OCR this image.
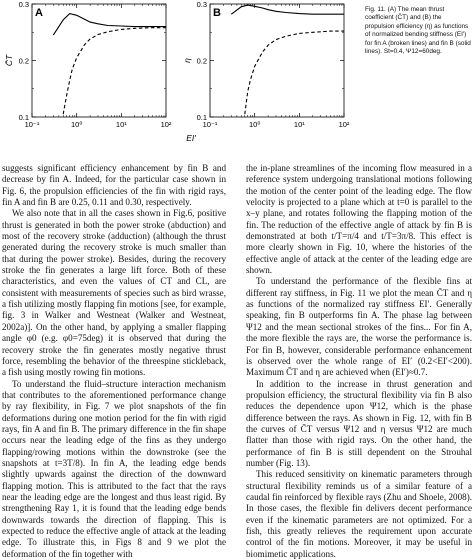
10⁻¹	10⁰	10¹	10²
0.1
0.2
0.3
A
C̄T
10⁻¹	10⁰	10¹	10²
0.1
0.2
0.3
B
η
EI′
Fig. 11. (A) The mean thrust coefficient (C̄T) and (B) the propulsion efficiency (η) as functions of normalized bending stiffness (EI′) for fin A (broken lines) and fin B (solid lines). St=0.4, Ψ12=60deg.

suggests significant efficiency enhancement by fin B and decrease by fin A. Indeed, for the particular case shown in Fig. 6, the propulsion efficiencies of the fin with rigid rays, fin A and fin B are 0.25, 0.11 and 0.30, respectively.

We also note that in all the cases shown in Fig.6, positive thrust is generated in both the power stroke (abduction) and most of the recovery stroke (adduction) (although the thrust generated during the recovery stroke is much smaller than that during the power stroke). Besides, during the recovery stroke the fin generates a large lift force. Both of these characteristics, and even the values of CT and CL, are consistent with measurements of species such as bird wrasse, a fish utilizing mostly flapping fin motions [see, for example, fig. 3 in Walker and Westneat (Walker and Westneat, 2002a)]. On the other hand, by applying a smaller flapping angle φ0 (e.g. φ0=75deg) it is observed that during the recovery stroke the fin generates mostly negative thrust force, resembling the behavior of the threespine stickleback, a fish using mostly rowing fin motions.

To understand the fluid–structure interaction mechanism that contributes to the aforementioned performance change by ray flexibility, in Fig. 7 we plot snapshots of the fin deformations during one motion period for the fin with rigid rays, fin A and fin B. The primary difference in the fin shape occurs near the leading edge of the fins as they undergo flapping/rowing motions within the downstroke (see the snapshots at t=3T/8). In fin A, the leading edge bends slightly upwards against the direction of the downward flapping motion. This is attributed to the fact that the rays near the leading edge are the longest and thus least rigid. By strengthening Ray 1, it is found that the leading edge bends downwards towards the direction of flapping. This is expected to reduce the effective angle of attack at the leading edge. To illustrate this, in Figs 8 and 9 we plot the deformation of the fin together with

the in-plane streamlines of the incoming flow measured in a reference system undergoing translational motions following the motion of the center point of the leading edge. The flow velocity is projected to a plane which at t=0 is parallel to the x–y plane, and rotates following the flapping motion of the fin. The reduction of the effective angle of attack by fin B is demonstrated at both t/T=π/4 and t/T=3π/8. This effect is more clearly shown in Fig. 10, where the histories of the effective angle of attack at the center of the leading edge are shown.

To understand the performance of the flexible fins at different ray stiffness, in Fig. 11 we plot the mean C̄T and η as functions of the normalized ray stiffness EI′. Generally speaking, fin B outperforms fin A. The phase lag between Ψ12 and the mean sectional strokes of the fins... For fin A, the more flexible the rays are, the worse the performance is. For fin B, however, considerable performance enhancement is observed over the whole range of EI′ (0.2<EI′<200). Maximum C̄T and η are achieved when (EI′)≈0.7.

In addition to the increase in thrust generation and propulsion efficiency, the structural flexibility via fin B also reduces the dependence upon Ψ12, which is the phase difference between the rays. As shown in Fig. 12, with fin B the curves of C̄T versus Ψ12 and η versus Ψ12 are much flatter than those with rigid rays. On the other hand, the performance of fin B is still dependent on the Strouhal number (Fig. 13).

This reduced sensitivity on kinematic parameters through structural flexibility reminds us of a similar feature of a caudal fin reinforced by flexible rays (Zhu and Shoele, 2008). In those cases, the flexible fin delivers decent performance even if the kinematic parameters are not optimized. For a fish, this greatly relieves the requirement upon accurate control of the fin motions. Moreover, it may be useful in biomimetic applications.
